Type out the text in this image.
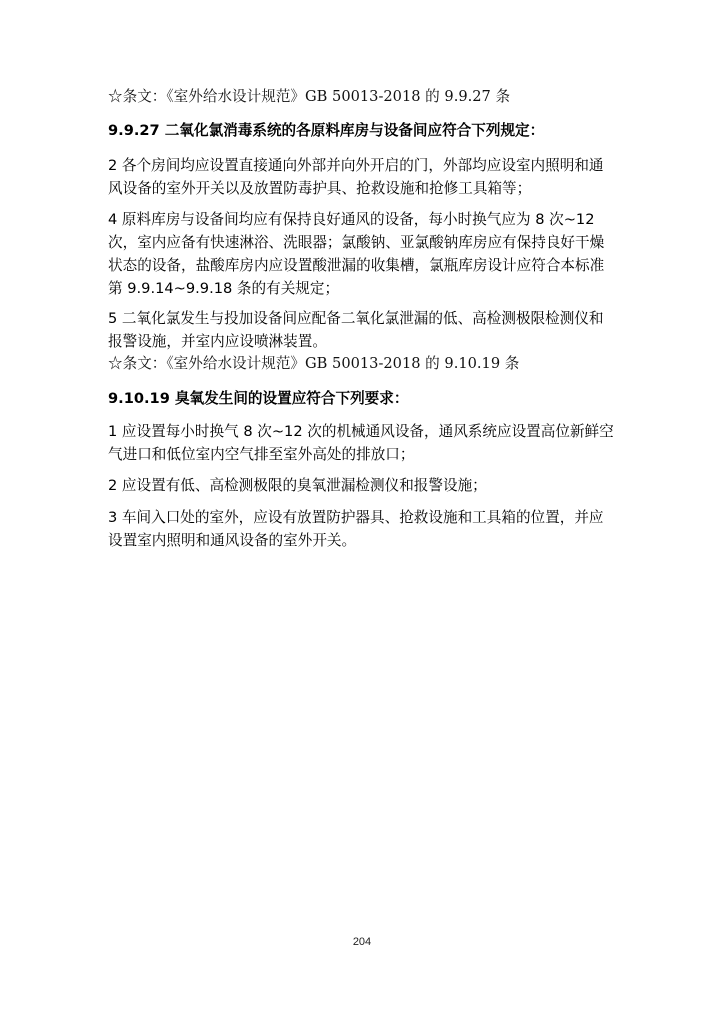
☆条文：《室外给水设计规范》GB 50013-2018 的 9.9.27 条
9.9.27 二氧化氯消毒系统的各原料库房与设备间应符合下列规定：
2 各个房间均应设置直接通向外部并向外开启的门，外部均应设室内照明和通
风设备的室外开关以及放置防毒护具、抢救设施和抢修工具箱等；
4 原料库房与设备间均应有保持良好通风的设备，每小时换气应为 8 次~12
次，室内应备有快速淋浴、洗眼器；氯酸钠、亚氯酸钠库房应有保持良好干燥
状态的设备，盐酸库房内应设置酸泄漏的收集槽，氯瓶库房设计应符合本标准
第 9.9.14~9.9.18 条的有关规定；
5 二氧化氯发生与投加设备间应配备二氧化氯泄漏的低、高检测极限检测仪和
报警设施，并室内应设喷淋装置。
☆条文：《室外给水设计规范》GB 50013-2018 的 9.10.19 条
9.10.19 臭氧发生间的设置应符合下列要求：
1 应设置每小时换气 8 次~12 次的机械通风设备，通风系统应设置高位新鲜空
气进口和低位室内空气排至室外高处的排放口；
2 应设置有低、高检测极限的臭氧泄漏检测仪和报警设施；
3 车间入口处的室外，应设有放置防护器具、抢救设施和工具箱的位置，并应
设置室内照明和通风设备的室外开关。
204
